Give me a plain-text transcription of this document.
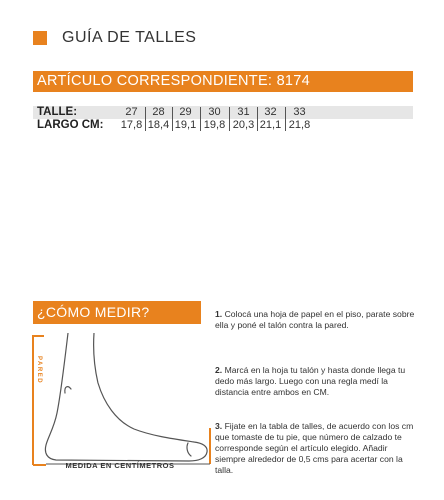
GUÍA DE TALLES
ARTÍCULO CORRESPONDIENTE: 8174
TALLE:	27	28	29	30	31	32	33
LARGO CM: 17,8 18,4 19,1 19,8 20,3 21,1 21,8
¿CÓMO MEDIR?
PARED
MEDIDA EN CENTÍMETROS
1. Colocá una hoja de papel en el piso, parate sobre ella y poné el talón contra la pared.
2. Marcá en la hoja tu talón y hasta donde llega tu dedo más largo. Luego con una regla medí la distancia entre ambos en CM.
3. Fijate en la tabla de talles, de acuerdo con los cm que tomaste de tu pie, que número de calzado te corresponde según el artículo elegido. Añadir siempre alrededor de 0,5 cms para acertar con la talla.
